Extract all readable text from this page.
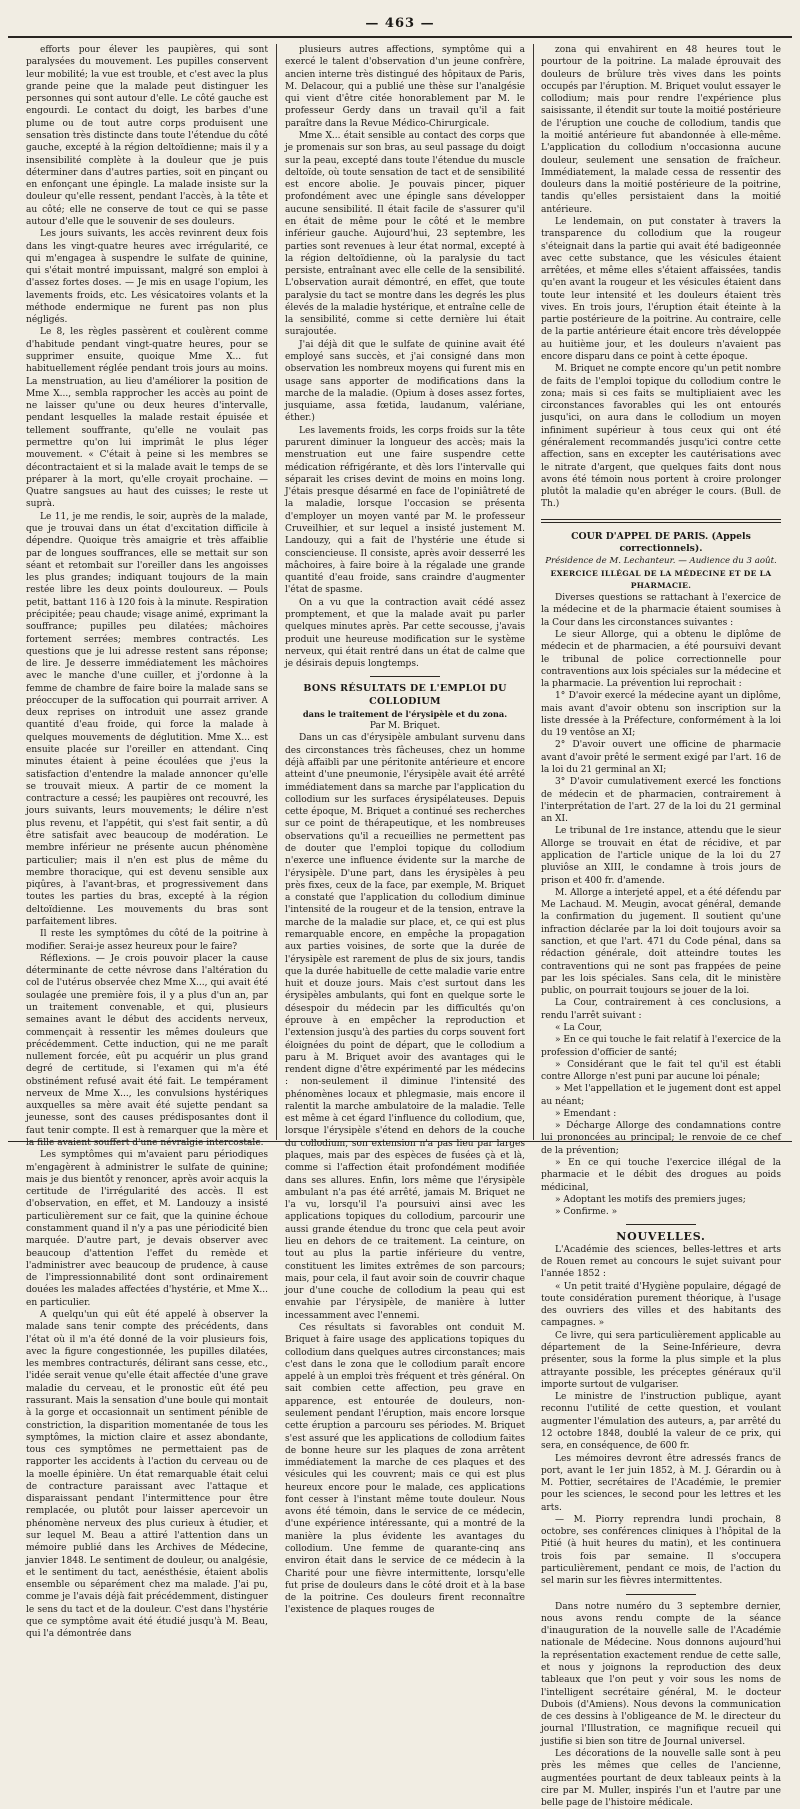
— 463 —

efforts pour élever les paupières, qui sont paralysées du mouvement. Les pupilles conservent leur mobilité; la vue est trouble, et c'est avec la plus grande peine que la malade peut distinguer les personnes qui sont autour d'elle. Le côté gauche est engourdi. Le contact du doigt, les barbes d'une plume ou de tout autre corps produisent une sensation très distincte dans toute l'étendue du côté gauche, excepté à la région deltoïdienne; mais il y a insensibilité complète à la douleur que je puis déterminer dans d'autres parties, soit en pinçant ou en enfonçant une épingle. La malade insiste sur la douleur qu'elle ressent, pendant l'accès, à la tête et au côté; elle ne conserve de tout ce qui se passe autour d'elle que le souvenir de ses douleurs.

Les jours suivants, les accès revinrent deux fois dans les vingt-quatre heures avec irrégularité, ce qui m'engagea à suspendre le sulfate de quinine, qui s'était montré impuissant, malgré son emploi à d'assez fortes doses. — Je mis en usage l'opium, les lavements froids, etc. Les vésicatoires volants et la méthode endermique ne furent pas non plus négligés.

Le 8, les règles passèrent et coulèrent comme d'habitude pendant vingt-quatre heures, pour se supprimer ensuite, quoique Mme X... fut habituellement réglée pendant trois jours au moins. La menstruation, au lieu d'améliorer la position de Mme X..., sembla rapprocher les accès au point de ne laisser qu'une ou deux heures d'intervalle, pendant lesquelles la malade restait épuisée et tellement souffrante, qu'elle ne voulait pas permettre qu'on lui imprimât le plus léger mouvement. « C'était à peine si les membres se décontractaient et si la malade avait le temps de se préparer à la mort, qu'elle croyait prochaine. — Quatre sangsues au haut des cuisses; le reste ut suprà.

Le 11, je me rendis, le soir, auprès de la malade, que je trouvai dans un état d'excitation difficile à dépendre. Quoique très amaigrie et très affaiblie par de longues souffrances, elle se mettait sur son séant et retombait sur l'oreiller dans les angoisses les plus grandes; indiquant toujours de la main restée libre les deux points douloureux. — Pouls petit, battant 116 à 120 fois à la minute. Respiration précipitée; peau chaude; visage animé, exprimant la souffrance; pupilles peu dilatées; mâchoires fortement serrées; membres contractés. Les questions que je lui adresse restent sans réponse; de lire. Je desserre immédiatement les mâchoires avec le manche d'une cuiller, et j'ordonne à la femme de chambre de faire boire la malade sans se préoccuper de la suffocation qui pourrait arriver. A deux reprises on introduit une assez grande quantité d'eau froide, qui force la malade à quelques mouvements de déglutition. Mme X... est ensuite placée sur l'oreiller en attendant. Cinq minutes étaient à peine écoulées que j'eus la satisfaction d'entendre la malade annoncer qu'elle se trouvait mieux. A partir de ce moment la contracture a cessé; les paupières ont recouvré, les jours suivants, leurs mouvements; le délire n'est plus revenu, et l'appétit, qui s'est fait sentir, a dû être satisfait avec beaucoup de modération. Le membre inférieur ne présente aucun phénomène particulier; mais il n'en est plus de même du membre thoracique, qui est devenu sensible aux piqûres, à l'avant-bras, et progressivement dans toutes les parties du bras, excepté à la région deltoïdienne. Les mouvements du bras sont parfaitement libres.

Il reste les symptômes du côté de la poitrine à modifier. Serai-je assez heureux pour le faire?

Réflexions. — Je crois pouvoir placer la cause déterminante de cette névrose dans l'altération du col de l'utérus observée chez Mme X..., qui avait été soulagée une première fois, il y a plus d'un an, par un traitement convenable, et qui, plusieurs semaines avant le début des accidents nerveux, commençait à ressentir les mêmes douleurs que précédemment. Cette induction, qui ne me paraît nullement forcée, eût pu acquérir un plus grand degré de certitude, si l'examen qui m'a été obstinément refusé avait été fait. Le tempérament nerveux de Mme X..., les convulsions hystériques auxquelles sa mère avait été sujette pendant sa jeunesse, sont des causes prédisposantes dont il faut tenir compte. Il est à remarquer que la mère et la fille avaient souffert d'une névralgie intercostale.

Les symptômes qui m'avaient paru périodiques m'engagèrent à administrer le sulfate de quinine; mais je dus bientôt y renoncer, après avoir acquis la certitude de l'irrégularité des accès. Il est d'observation, en effet, et M. Landouzy a insisté particulièrement sur ce fait, que la quinine échoue constamment quand il n'y a pas une périodicité bien marquée. D'autre part, je devais observer avec beaucoup d'attention l'effet du remède et l'administrer avec beaucoup de prudence, à cause de l'impressionnabilité dont sont ordinairement douées les malades affectées d'hystérie, et Mme X... en particulier.

A quelqu'un qui eût été appelé à observer la malade sans tenir compte des précédents, dans l'état où il m'a été donné de la voir plusieurs fois, avec la figure congestionnée, les pupilles dilatées, les membres contracturés, délirant sans cesse, etc., l'idée serait venue qu'elle était affectée d'une grave maladie du cerveau, et le pronostic eût été peu rassurant. Mais la sensation d'une boule qui montait à la gorge et occasionnait un sentiment pénible de constriction, la disparition momentanée de tous les symptômes, la miction claire et assez abondante, tous ces symptômes ne permettaient pas de rapporter les accidents à l'action du cerveau ou de la moelle épinière. Un état remarquable était celui de contracture paraissant avec l'attaque et disparaissant pendant l'intermittence pour être remplacée, ou plutôt pour laisser apercevoir un phénomène nerveux des plus curieux à étudier, et sur lequel M. Beau a attiré l'attention dans un mémoire publié dans les Archives de Médecine, janvier 1848. Le sentiment de douleur, ou analgésie, et le sentiment du tact, aenésthésie, étaient abolis ensemble ou séparément chez ma malade. J'ai pu, comme je l'avais déjà fait précédemment, distinguer le sens du tact et de la douleur. C'est dans l'hystérie que ce symptôme avait été étudié jusqu'à M. Beau, qui l'a démontrée dans

plusieurs autres affections, symptôme qui a exercé le talent d'observation d'un jeune confrère, ancien interne très distingué des hôpitaux de Paris, M. Delacour, qui a publié une thèse sur l'analgésie qui vient d'être citée honorablement par M. le professeur Gerdy dans un travail qu'il a fait paraître dans la Revue Médico-Chirurgicale.

Mme X... était sensible au contact des corps que je promenais sur son bras, au seul passage du doigt sur la peau, excepté dans toute l'étendue du muscle deltoïde, où toute sensation de tact et de sensibilité est encore abolie. Je pouvais pincer, piquer profondément avec une épingle sans développer aucune sensibilité. Il était facile de s'assurer qu'il en était de même pour le côté et le membre inférieur gauche. Aujourd'hui, 23 septembre, les parties sont revenues à leur état normal, excepté à la région deltoïdienne, où la paralysie du tact persiste, entraînant avec elle celle de la sensibilité. L'observation aurait démontré, en effet, que toute paralysie du tact se montre dans les degrés les plus élevés de la maladie hystérique, et entraîne celle de la sensibilité, comme si cette dernière lui était surajoutée.

J'ai déjà dit que le sulfate de quinine avait été employé sans succès, et j'ai consigné dans mon observation les nombreux moyens qui furent mis en usage sans apporter de modifications dans la marche de la maladie. (Opium à doses assez fortes, jusquiame, assa fœtida, laudanum, valériane, éther.)

Les lavements froids, les corps froids sur la tête parurent diminuer la longueur des accès; mais la menstruation eut une faire suspendre cette médication réfrigérante, et dès lors l'intervalle qui séparait les crises devint de moins en moins long. J'étais presque désarmé en face de l'opiniâtreté de la maladie, lorsque l'occasion se présenta d'employer un moyen vanté par M. le professeur Cruveilhier, et sur lequel a insisté justement M. Landouzy, qui a fait de l'hystérie une étude si consciencieuse. Il consiste, après avoir desserré les mâchoires, à faire boire à la régalade une grande quantité d'eau froide, sans craindre d'augmenter l'état de spasme.

On a vu que la contraction avait cédé assez promptement, et que la malade avait pu parler quelques minutes après. Par cette secousse, j'avais produit une heureuse modification sur le système nerveux, qui était rentré dans un état de calme que je désirais depuis longtemps.

BONS RÉSULTATS DE L'EMPLOI DU COLLODIUM

dans le traitement de l'érysipèle et du zona.

Par M. Briquet.

Dans un cas d'érysipèle ambulant survenu dans des circonstances très fâcheuses, chez un homme déjà affaibli par une péritonite antérieure et encore atteint d'une pneumonie, l'érysipèle avait été arrêté immédiatement dans sa marche par l'application du collodium sur les surfaces érysipélateuses. Depuis cette époque, M. Briquet a continué ses recherches sur ce point de thérapeutique, et les nombreuses observations qu'il a recueillies ne permettent pas de douter que l'emploi topique du collodium n'exerce une influence évidente sur la marche de l'érysipèle. D'une part, dans les érysipèles à peu près fixes, ceux de la face, par exemple, M. Briquet a constaté que l'application du collodium diminue l'intensité de la rougeur et de la tension, entrave la marche de la maladie sur place, et, ce qui est plus remarquable encore, en empêche la propagation aux parties voisines, de sorte que la durée de l'érysipèle est rarement de plus de six jours, tandis que la durée habituelle de cette maladie varie entre huit et douze jours. Mais c'est surtout dans les érysipèles ambulants, qui font en quelque sorte le désespoir du médecin par les difficultés qu'on éprouve à en empêcher la reproduction et l'extension jusqu'à des parties du corps souvent fort éloignées du point de départ, que le collodium a paru à M. Briquet avoir des avantages qui le rendent digne d'être expérimenté par les médecins : non-seulement il diminue l'intensité des phénomènes locaux et phlegmasie, mais encore il ralentit la marche ambulatoire de la maladie. Telle est même à cet égard l'influence du collodium, que, lorsque l'érysipèle s'étend en dehors de la couche du collodium, son extension n'a pas lieu par larges plaques, mais par des espèces de fusées çà et là, comme si l'affection était profondément modifiée dans ses allures. Enfin, lors même que l'érysipèle ambulant n'a pas été arrêté, jamais M. Briquet ne l'a vu, lorsqu'il l'a poursuivi ainsi avec les applications topiques du collodium, parcourir une aussi grande étendue du tronc que cela peut avoir lieu en dehors de ce traitement. La ceinture, on tout au plus la partie inférieure du ventre, constituent les limites extrêmes de son parcours; mais, pour cela, il faut avoir soin de couvrir chaque jour d'une couche de collodium la peau qui est envahie par l'érysipèle, de manière à lutter incessamment avec l'ennemi.

Ces résultats si favorables ont conduit M. Briquet à faire usage des applications topiques du collodium dans quelques autres circonstances; mais c'est dans le zona que le collodium paraît encore appelé à un emploi très fréquent et très général. On sait combien cette affection, peu grave en apparence, est entourée de douleurs, non-seulement pendant l'éruption, mais encore lorsque cette éruption a parcouru ses périodes. M. Briquet s'est assuré que les applications de collodium faites de bonne heure sur les plaques de zona arrêtent immédiatement la marche de ces plaques et des vésicules qui les couvrent; mais ce qui est plus heureux encore pour le malade, ces applications font cesser à l'instant même toute douleur. Nous avons été témoin, dans le service de ce médecin, d'une expérience intéressante, qui a montré de la manière la plus évidente les avantages du collodium. Une femme de quarante-cinq ans environ était dans le service de ce médecin à la Charité pour une fièvre intermittente, lorsqu'elle fut prise de douleurs dans le côté droit et à la base de la poitrine. Ces douleurs firent reconnaître l'existence de plaques rouges de

zona qui envahirent en 48 heures tout le pourtour de la poitrine. La malade éprouvait des douleurs de brûlure très vives dans les points occupés par l'éruption. M. Briquet voulut essayer le collodium; mais pour rendre l'expérience plus saisissante, il étendit sur toute la moitié postérieure de l'éruption une couche de collodium, tandis que la moitié antérieure fut abandonnée à elle-même. L'application du collodium n'occasionna aucune douleur, seulement une sensation de fraîcheur. Immédiatement, la malade cessa de ressentir des douleurs dans la moitié postérieure de la poitrine, tandis qu'elles persistaient dans la moitié antérieure.

Le lendemain, on put constater à travers la transparence du collodium que la rougeur s'éteignait dans la partie qui avait été badigeonnée avec cette substance, que les vésicules étaient arrêtées, et même elles s'étaient affaissées, tandis qu'en avant la rougeur et les vésicules étaient dans toute leur intensité et les douleurs étaient très vives. En trois jours, l'éruption était éteinte à la partie postérieure de la poitrine. Au contraire, celle de la partie antérieure était encore très développée au huitième jour, et les douleurs n'avaient pas encore disparu dans ce point à cette époque.

M. Briquet ne compte encore qu'un petit nombre de faits de l'emploi topique du collodium contre le zona; mais si ces faits se multipliaient avec les circonstances favorables qui les ont entourés jusqu'ici, on aura dans le collodium un moyen infiniment supérieur à tous ceux qui ont été généralement recommandés jusqu'ici contre cette affection, sans en excepter les cautérisations avec le nitrate d'argent, que quelques faits dont nous avons été témoin nous portent à croire prolonger plutôt la maladie qu'en abréger le cours. (Bull. de Th.)

COUR D'APPEL DE PARIS. (Appels correctionnels).

Présidence de M. Lechanteur. — Audience du 3 août.

EXERCICE ILLÉGAL DE LA MÉDECINE ET DE LA PHARMACIE.

Diverses questions se rattachant à l'exercice de la médecine et de la pharmacie étaient soumises à la Cour dans les circonstances suivantes :

Le sieur Allorge, qui a obtenu le diplôme de médecin et de pharmacien, a été poursuivi devant le tribunal de police correctionnelle pour contraventions aux lois spéciales sur la médecine et la pharmacie. La prévention lui reprochait :

1° D'avoir exercé la médecine ayant un diplôme, mais avant d'avoir obtenu son inscription sur la liste dressée à la Préfecture, conformément à la loi du 19 ventôse an XI;

2° D'avoir ouvert une officine de pharmacie avant d'avoir prêté le serment exigé par l'art. 16 de la loi du 21 germinal an XI;

3° D'avoir cumulativement exercé les fonctions de médecin et de pharmacien, contrairement à l'interprétation de l'art. 27 de la loi du 21 germinal an XI.

Le tribunal de 1re instance, attendu que le sieur Allorge se trouvait en état de récidive, et par application de l'article unique de la loi du 27 pluviôse an XIII, le condamne à trois jours de prison et 400 fr. d'amende.

M. Allorge a interjeté appel, et a été défendu par Me Lachaud. M. Meugin, avocat général, demande la confirmation du jugement. Il soutient qu'une infraction déclarée par la loi doit toujours avoir sa sanction, et que l'art. 471 du Code pénal, dans sa rédaction générale, doit atteindre toutes les contraventions qui ne sont pas frappées de peine par les lois spéciales. Sans cela, dit le ministère public, on pourrait toujours se jouer de la loi.

La Cour, contrairement à ces conclusions, a rendu l'arrêt suivant :

« La Cour,

» En ce qui touche le fait relatif à l'exercice de la profession d'officier de santé;

» Considérant que le fait tel qu'il est établi contre Allorge n'est puni par aucune loi pénale;

» Met l'appellation et le jugement dont est appel au néant;

» Emendant :

» Décharge Allorge des condamnations contre lui prononcées au principal; le renvoie de ce chef de la prévention;

» En ce qui touche l'exercice illégal de la pharmacie et le débit des drogues au poids médicinal,

» Adoptant les motifs des premiers juges;

» Confirme. »

NOUVELLES.

L'Académie des sciences, belles-lettres et arts de Rouen remet au concours le sujet suivant pour l'année 1852 :

« Un petit traité d'Hygiène populaire, dégagé de toute considération purement théorique, à l'usage des ouvriers des villes et des habitants des campagnes. »

Ce livre, qui sera particulièrement applicable au département de la Seine-Inférieure, devra présenter, sous la forme la plus simple et la plus attrayante possible, les préceptes généraux qu'il importe surtout de vulgariser.

Le ministre de l'instruction publique, ayant reconnu l'utilité de cette question, et voulant augmenter l'émulation des auteurs, a, par arrêté du 12 octobre 1848, doublé la valeur de ce prix, qui sera, en conséquence, de 600 fr.

Les mémoires devront être adressés francs de port, avant le 1er juin 1852, à M. J. Gérardin ou à M. Pottier, secrétaires de l'Académie, le premier pour les sciences, le second pour les lettres et les arts.

— M. Piorry reprendra lundi prochain, 8 octobre, ses conférences cliniques à l'hôpital de la Pitié (à huit heures du matin), et les continuera trois fois par semaine. Il s'occupera particulièrement, pendant ce mois, de l'action du sel marin sur les fièvres intermittentes.

Dans notre numéro du 3 septembre dernier, nous avons rendu compte de la séance d'inauguration de la nouvelle salle de l'Académie nationale de Médecine. Nous donnons aujourd'hui la représentation exactement rendue de cette salle, et nous y joignons la reproduction des deux tableaux que l'on peut y voir sous les noms de l'intelligent secrétaire général, M. le docteur Dubois (d'Amiens). Nous devons la communication de ces dessins à l'obligeance de M. le directeur du journal l'Illustration, ce magnifique recueil qui justifie si bien son titre de Journal universel.

Les décorations de la nouvelle salle sont à peu près les mêmes que celles de l'ancienne, augmentées pourtant de deux tableaux peints à la cire par M. Muller, inspirés l'un et l'autre par une belle page de l'histoire médicale.
